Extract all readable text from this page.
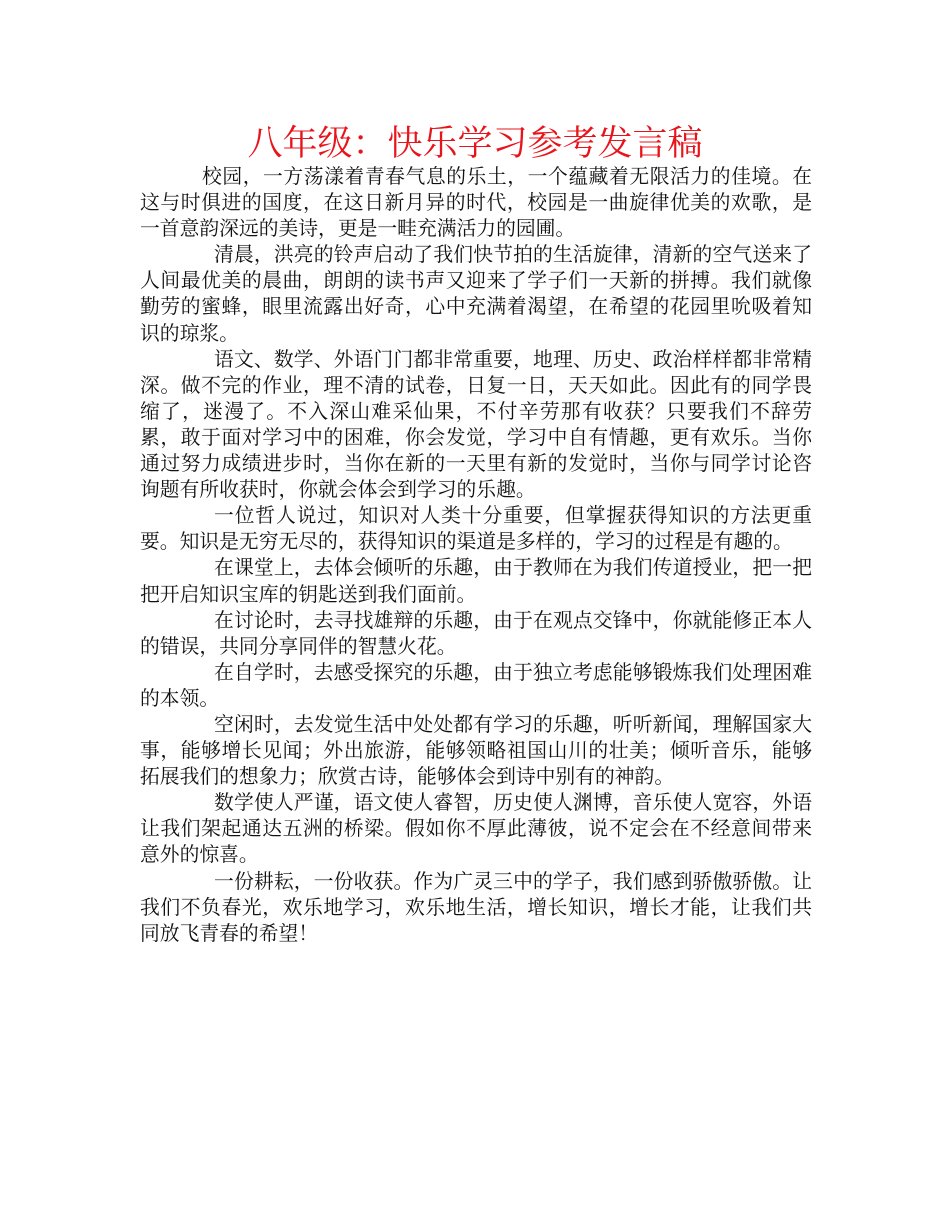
八年级：快乐学习参考发言稿

校园，一方荡漾着青春气息的乐土，一个蕴藏着无限活力的佳境。在这与时俱进的国度，在这日新月异的时代，校园是一曲旋律优美的欢歌，是一首意韵深远的美诗，更是一畦充满活力的园圃。

清晨，洪亮的铃声启动了我们快节拍的生活旋律，清新的空气送来了人间最优美的晨曲，朗朗的读书声又迎来了学子们一天新的拼搏。我们就像勤劳的蜜蜂，眼里流露出好奇，心中充满着渴望，在希望的花园里吮吸着知识的琼浆。

语文、数学、外语门门都非常重要，地理、历史、政治样样都非常精深。做不完的作业，理不清的试卷，日复一日，天天如此。因此有的同学畏缩了，迷漫了。不入深山难采仙果，不付辛劳那有收获？只要我们不辞劳累，敢于面对学习中的困难，你会发觉，学习中自有情趣，更有欢乐。当你通过努力成绩进步时，当你在新的一天里有新的发觉时，当你与同学讨论咨询题有所收获时，你就会体会到学习的乐趣。

一位哲人说过，知识对人类十分重要，但掌握获得知识的方法更重要。知识是无穷无尽的，获得知识的渠道是多样的，学习的过程是有趣的。

在课堂上，去体会倾听的乐趣，由于教师在为我们传道授业，把一把把开启知识宝库的钥匙送到我们面前。

在讨论时，去寻找雄辩的乐趣，由于在观点交锋中，你就能修正本人的错误，共同分享同伴的智慧火花。

在自学时，去感受探究的乐趣，由于独立考虑能够锻炼我们处理困难的本领。

空闲时，去发觉生活中处处都有学习的乐趣，听听新闻，理解国家大事，能够增长见闻；外出旅游，能够领略祖国山川的壮美；倾听音乐，能够拓展我们的想象力；欣赏古诗，能够体会到诗中别有的神韵。

数学使人严谨，语文使人睿智，历史使人渊博，音乐使人宽容，外语让我们架起通达五洲的桥梁。假如你不厚此薄彼，说不定会在不经意间带来意外的惊喜。

一份耕耘，一份收获。作为广灵三中的学子，我们感到骄傲骄傲。让我们不负春光，欢乐地学习，欢乐地生活，增长知识，增长才能，让我们共同放飞青春的希望！
